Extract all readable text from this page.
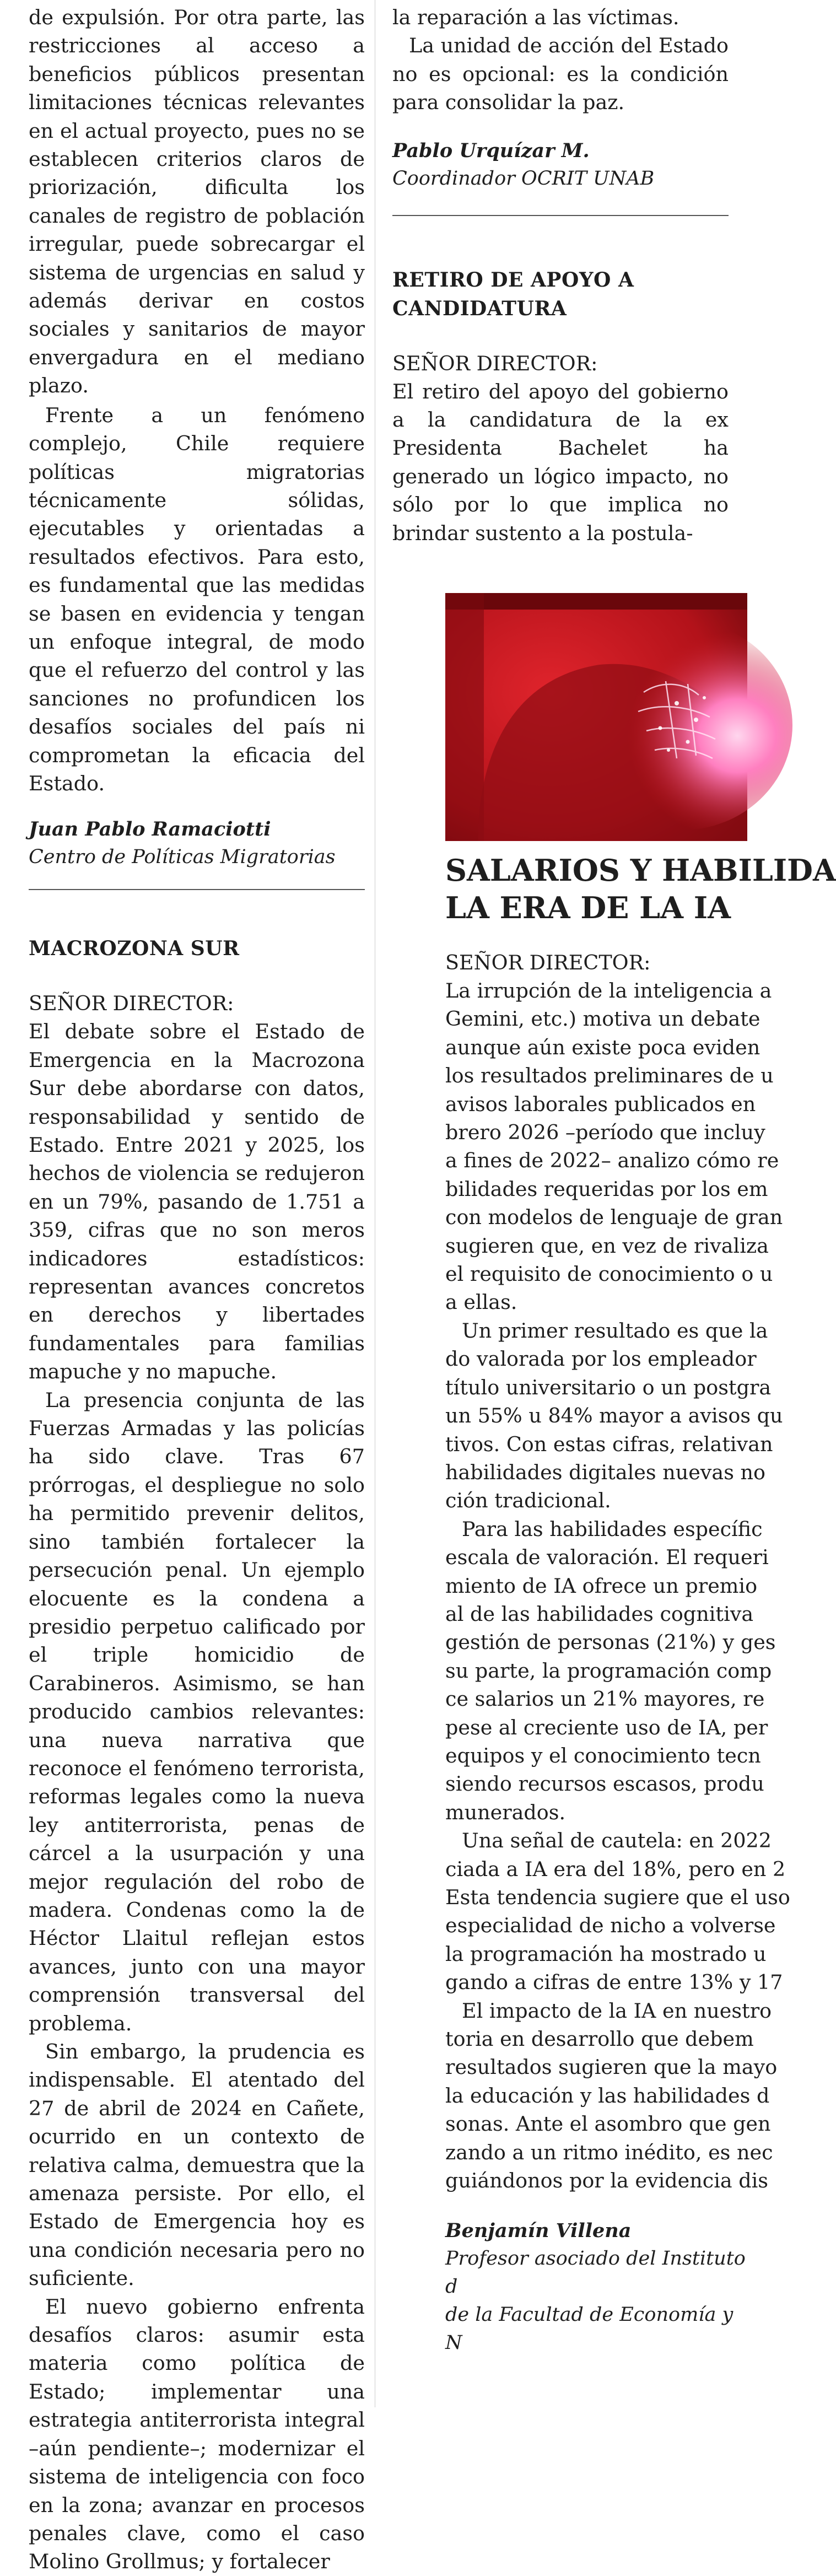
de expulsión. Por otra parte, las restricciones al acceso a beneficios públicos presentan limitaciones técnicas relevantes en el actual proyecto, pues no se establecen criterios claros de priorización, dificulta los canales de registro de población irregular, puede sobrecargar el sistema de urgencias en salud y además derivar en costos sociales y sanitarios de mayor envergadura en el mediano plazo.

Frente a un fenómeno complejo, Chile requiere políticas migratorias técnicamente sólidas, ejecutables y orientadas a resultados efectivos. Para esto, es fundamental que las medidas se basen en evidencia y tengan un enfoque integral, de modo que el refuerzo del control y las sanciones no profundicen los desafíos sociales del país ni comprometan la eficacia del Estado.

Juan Pablo Ramaciotti

Centro de Políticas Migratorias

MACROZONA SUR

SEÑOR DIRECTOR:

El debate sobre el Estado de Emergencia en la Macrozona Sur debe abordarse con datos, responsabilidad y sentido de Estado. Entre 2021 y 2025, los hechos de violencia se redujeron en un 79%, pasando de 1.751 a 359, cifras que no son meros indicadores estadísticos: representan avances concretos en derechos y libertades fundamentales para familias mapuche y no mapuche.

La presencia conjunta de las Fuerzas Armadas y las policías ha sido clave. Tras 67 prórrogas, el despliegue no solo ha permitido prevenir delitos, sino también fortalecer la persecución penal. Un ejemplo elocuente es la condena a presidio perpetuo calificado por el triple homicidio de Carabineros. Asimismo, se han producido cambios relevantes: una nueva narrativa que reconoce el fenómeno terrorista, reformas legales como la nueva ley antiterrorista, penas de cárcel a la usurpación y una mejor regulación del robo de madera. Condenas como la de Héctor Llaitul reflejan estos avances, junto con una mayor comprensión transversal del problema.

Sin embargo, la prudencia es indispensable. El atentado del 27 de abril de 2024 en Cañete, ocurrido en un contexto de relativa calma, demuestra que la amenaza persiste. Por ello, el Estado de Emergencia hoy es una condición necesaria pero no suficiente.

El nuevo gobierno enfrenta desafíos claros: asumir esta materia como política de Estado; implementar una estrategia antiterrorista integral –aún pendiente–; modernizar el sistema de inteligencia con foco en la zona; avanzar en procesos penales clave, como el caso Molino Grollmus; y fortalecer

la reparación a las víctimas.

La unidad de acción del Estado no es opcional: es la condición para consolidar la paz.

Pablo Urquízar M.

Coordinador OCRIT UNAB

RETIRO DE APOYO A

CANDIDATURA

SEÑOR DIRECTOR:

El retiro del apoyo del gobierno a la candidatura de la ex Presidenta Bachelet ha generado un lógico impacto, no sólo por lo que implica no brindar sustento a la postula-

SALARIOS Y HABILIDA

LA ERA DE LA IA

SEÑOR DIRECTOR:

La irrupción de la inteligencia a
Gemini, etc.) motiva un debate
aunque aún existe poca eviden
los resultados preliminares de u
avisos laborales publicados en
brero 2026 –período que incluy
a fines de 2022– analizo cómo re
bilidades requeridas por los em
con modelos de lenguaje de gran
sugieren que, en vez de rivaliza
el requisito de conocimiento o u
a ellas.
Un primer resultado es que la
do valorada por los empleador
título universitario o un postgra
un 55% u 84% mayor a avisos qu
tivos. Con estas cifras, relativan
habilidades digitales nuevas no
ción tradicional.
Para las habilidades específic
escala de valoración. El requeri
miento de IA ofrece un premio
al de las habilidades cognitiva
gestión de personas (21%) y ges
su parte, la programación comp
ce salarios un 21% mayores, re
pese al creciente uso de IA, per
equipos y el conocimiento tecn
siendo recursos escasos, produ
munerados.
Una señal de cautela: en 2022
ciada a IA era del 18%, pero en 2
Esta tendencia sugiere que el uso
especialidad de nicho a volverse
la programación ha mostrado u
gando a cifras de entre 13% y 17
El impacto de la IA en nuestro
toria en desarrollo que debem
resultados sugieren que la mayo
la educación y las habilidades d
sonas. Ante el asombro que gen
zando a un ritmo inédito, es nec
guiándonos por la evidencia dis

Benjamín Villena

Profesor asociado del Instituto d

de la Facultad de Economía y N
